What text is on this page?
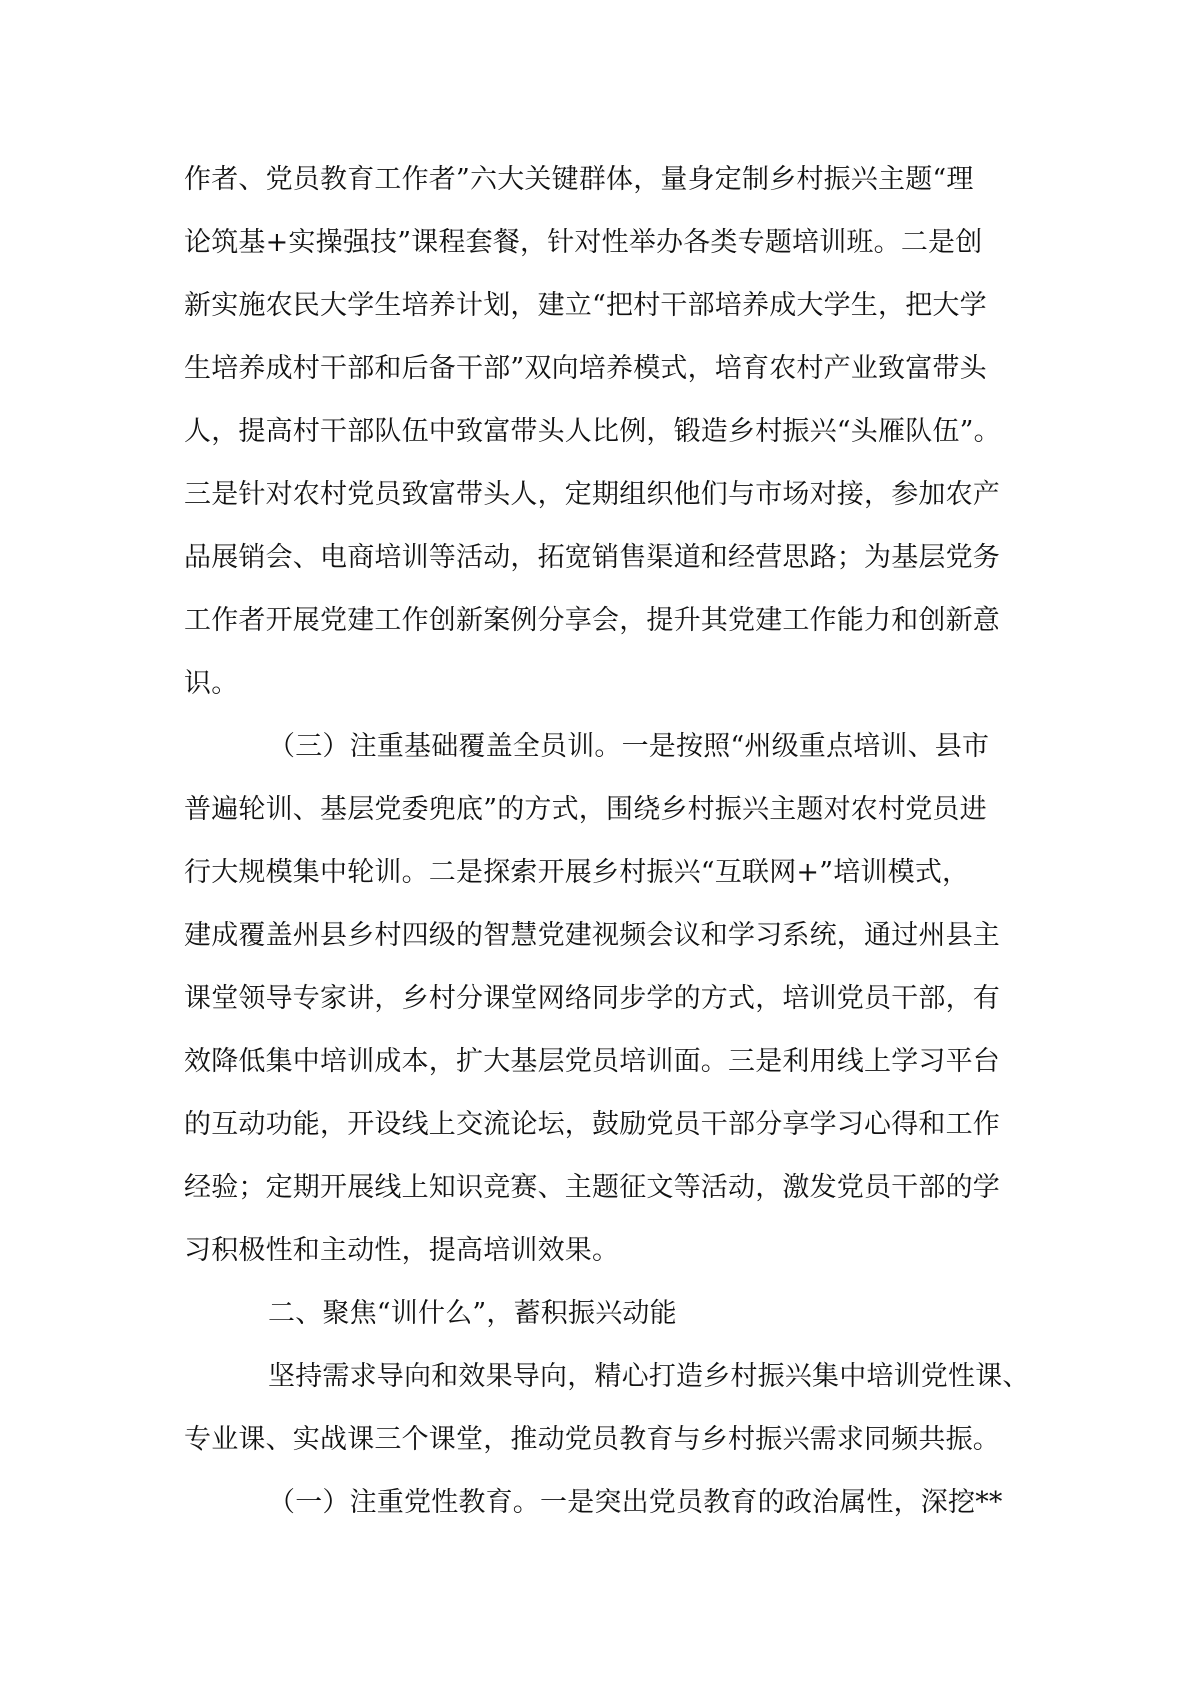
作者、党员教育工作者”六大关键群体，量身定制乡村振兴主题“理
论筑基+实操强技”课程套餐，针对性举办各类专题培训班。二是创
新实施农民大学生培养计划，建立“把村干部培养成大学生，把大学
生培养成村干部和后备干部”双向培养模式，培育农村产业致富带头
人，提高村干部队伍中致富带头人比例，锻造乡村振兴“头雁队伍”。
三是针对农村党员致富带头人，定期组织他们与市场对接，参加农产
品展销会、电商培训等活动，拓宽销售渠道和经营思路；为基层党务
工作者开展党建工作创新案例分享会，提升其党建工作能力和创新意
识。
（三）注重基础覆盖全员训。一是按照“州级重点培训、县市
普遍轮训、基层党委兜底”的方式，围绕乡村振兴主题对农村党员进
行大规模集中轮训。二是探索开展乡村振兴“互联网+”培训模式，
建成覆盖州县乡村四级的智慧党建视频会议和学习系统，通过州县主
课堂领导专家讲，乡村分课堂网络同步学的方式，培训党员干部，有
效降低集中培训成本，扩大基层党员培训面。三是利用线上学习平台
的互动功能，开设线上交流论坛，鼓励党员干部分享学习心得和工作
经验；定期开展线上知识竞赛、主题征文等活动，激发党员干部的学
习积极性和主动性，提高培训效果。
二、聚焦“训什么”，蓄积振兴动能
坚持需求导向和效果导向，精心打造乡村振兴集中培训党性课、
专业课、实战课三个课堂，推动党员教育与乡村振兴需求同频共振。
（一）注重党性教育。一是突出党员教育的政治属性，深挖**
